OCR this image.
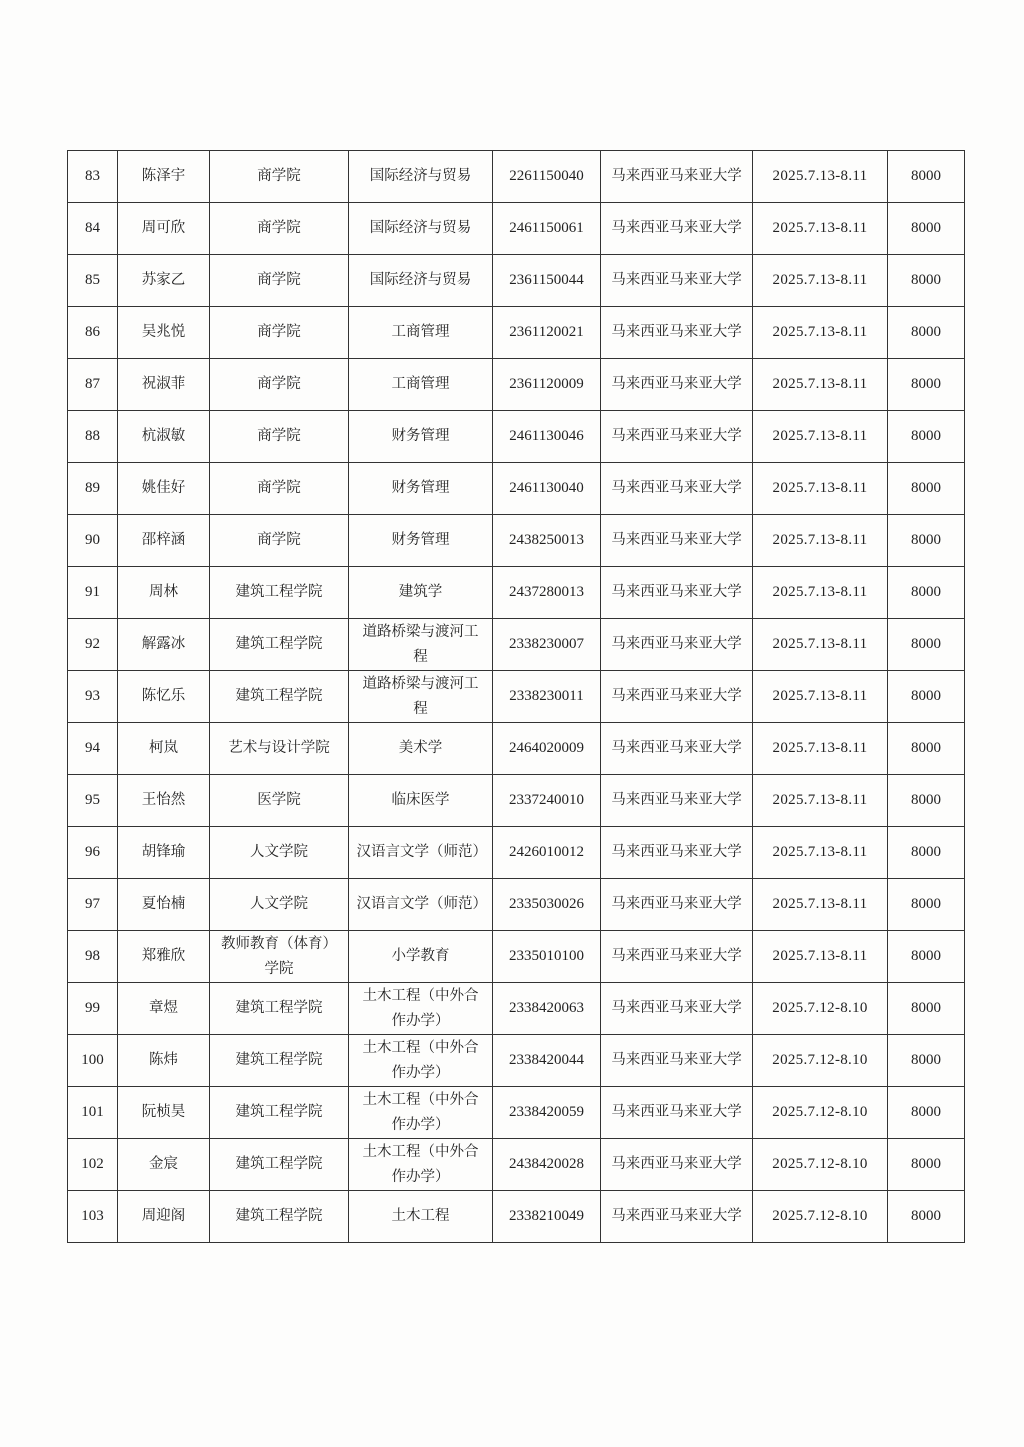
83	陈泽宇	商学院	国际经济与贸易	2261150040	马来西亚马来亚大学	2025.7.13-8.11	8000
84	周可欣	商学院	国际经济与贸易	2461150061	马来西亚马来亚大学	2025.7.13-8.11	8000
85	苏家乙	商学院	国际经济与贸易	2361150044	马来西亚马来亚大学	2025.7.13-8.11	8000
86	吴兆悦	商学院	工商管理	2361120021	马来西亚马来亚大学	2025.7.13-8.11	8000
87	祝淑菲	商学院	工商管理	2361120009	马来西亚马来亚大学	2025.7.13-8.11	8000
88	杭淑敏	商学院	财务管理	2461130046	马来西亚马来亚大学	2025.7.13-8.11	8000
89	姚佳好	商学院	财务管理	2461130040	马来西亚马来亚大学	2025.7.13-8.11	8000
90	邵梓涵	商学院	财务管理	2438250013	马来西亚马来亚大学	2025.7.13-8.11	8000
91	周林	建筑工程学院	建筑学	2437280013	马来西亚马来亚大学	2025.7.13-8.11	8000
92	解露冰	建筑工程学院	道路桥梁与渡河工程	2338230007	马来西亚马来亚大学	2025.7.13-8.11	8000
93	陈忆乐	建筑工程学院	道路桥梁与渡河工程	2338230011	马来西亚马来亚大学	2025.7.13-8.11	8000
94	柯岚	艺术与设计学院	美术学	2464020009	马来西亚马来亚大学	2025.7.13-8.11	8000
95	王怡然	医学院	临床医学	2337240010	马来西亚马来亚大学	2025.7.13-8.11	8000
96	胡锋瑜	人文学院	汉语言文学（师范）	2426010012	马来西亚马来亚大学	2025.7.13-8.11	8000
97	夏怡楠	人文学院	汉语言文学（师范）	2335030026	马来西亚马来亚大学	2025.7.13-8.11	8000
98	郑雅欣	教师教育（体育）学院	小学教育	2335010100	马来西亚马来亚大学	2025.7.13-8.11	8000
99	章煜	建筑工程学院	土木工程（中外合作办学）	2338420063	马来西亚马来亚大学	2025.7.12-8.10	8000
100	陈炜	建筑工程学院	土木工程（中外合作办学）	2338420044	马来西亚马来亚大学	2025.7.12-8.10	8000
101	阮桢昊	建筑工程学院	土木工程（中外合作办学）	2338420059	马来西亚马来亚大学	2025.7.12-8.10	8000
102	金宸	建筑工程学院	土木工程（中外合作办学）	2438420028	马来西亚马来亚大学	2025.7.12-8.10	8000
103	周迎阁	建筑工程学院	土木工程	2338210049	马来西亚马来亚大学	2025.7.12-8.10	8000
